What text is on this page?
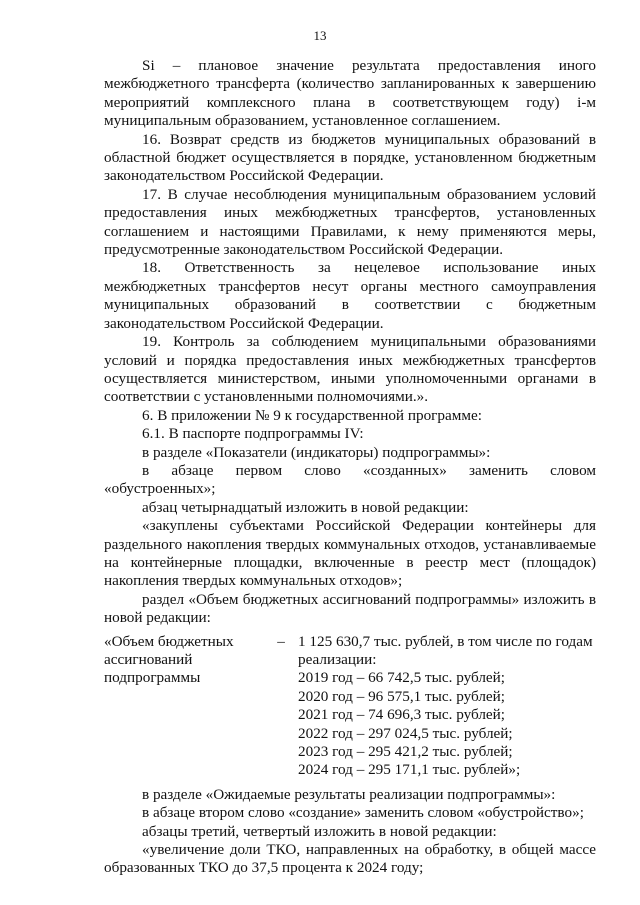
13

Si – плановое значение результата предоставления иного межбюджетного трансферта (количество запланированных к завершению мероприятий комплексного плана в соответствующем году) i-м муниципальным образованием, установленное соглашением.

16. Возврат средств из бюджетов муниципальных образований в областной бюджет осуществляется в порядке, установленном бюджетным законодательством Российской Федерации.

17. В случае несоблюдения муниципальным образованием условий предоставления иных межбюджетных трансфертов, установленных соглашением и настоящими Правилами, к нему применяются меры, предусмотренные законодательством Российской Федерации.

18. Ответственность за нецелевое использование иных межбюджетных трансфертов несут органы местного самоуправления муниципальных образований в соответствии с бюджетным законодательством Российской Федерации.

19. Контроль за соблюдением муниципальными образованиями условий и порядка предоставления иных межбюджетных трансфертов осуществляется министерством, иными уполномоченными органами в соответствии с установленными полномочиями.».

6. В приложении № 9 к государственной программе:

6.1. В паспорте подпрограммы IV:

в разделе «Показатели (индикаторы) подпрограммы»:

в абзаце первом слово «созданных» заменить словом «обустроенных»;

абзац четырнадцатый изложить в новой редакции:

«закуплены субъектами Российской Федерации контейнеры для раздельного накопления твердых коммунальных отходов, устанавливаемые на контейнерные площадки, включенные в реестр мест (площадок) накопления твердых коммунальных отходов»;

раздел «Объем бюджетных ассигнований подпрограммы» изложить в новой редакции:

«Объем бюджетных ассигнований подпрограммы	–	1 125 630,7 тыс. рублей, в том числе по годам реализации:
2019 год – 66 742,5 тыс. рублей;
2020 год – 96 575,1 тыс. рублей;
2021 год – 74 696,3 тыс. рублей;
2022 год – 297 024,5 тыс. рублей;
2023 год – 295 421,2 тыс. рублей;
2024 год – 295 171,1 тыс. рублей»;

в разделе «Ожидаемые результаты реализации подпрограммы»:

в абзаце втором слово «создание» заменить словом «обустройство»;

абзацы третий, четвертый изложить в новой редакции:

«увеличение доли ТКО, направленных на обработку, в общей массе образованных ТКО до 37,5 процента к 2024 году;
